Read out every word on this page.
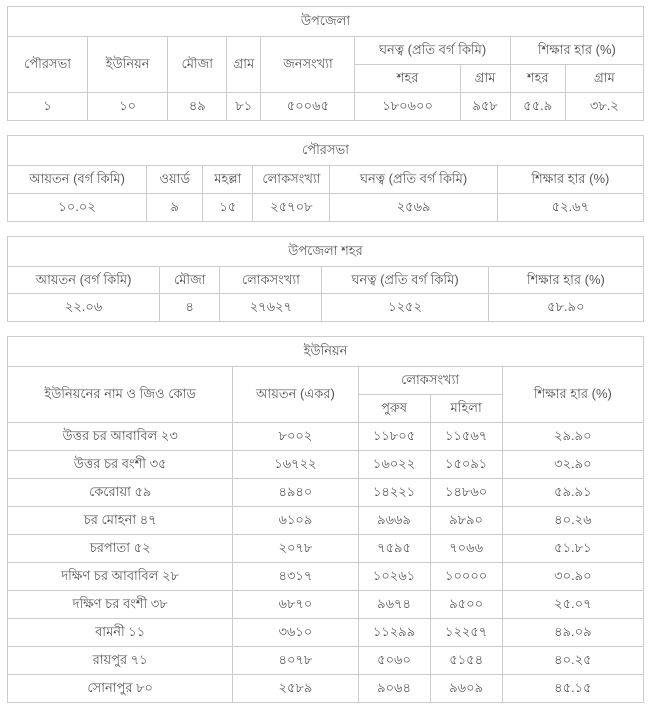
উপজেলা								
পৌরসভা	ইউনিয়ন	মৌজা	গ্রাম	জনসংখ্যা	ঘনত্ব (প্রতি বর্গ কিমি)		শিক্ষার হার (%)	
					শহর	গ্রাম	শহর	গ্রাম
১	১০	৪৯	৮১	৫০০৬৫	১৮০৬০০	৯৫৮	৫৫.৯	৩৮.২
পৌরসভা					
আয়তন (বর্গ কিমি)	ওয়ার্ড	মহল্লা	লোকসংখ্যা	ঘনত্ব (প্রতি বর্গ কিমি)	শিক্ষার হার (%)
১০.০২	৯	১৫	২৫৭০৮	২৫৬৯	৫২.৬৭
উপজেলা শহর				
আয়তন (বর্গ কিমি)	মৌজা	লোকসংখ্যা	ঘনত্ব (প্রতি বর্গ কিমি)	শিক্ষার হার (%)
২২.০৬	৪	২৭৬২৭	১২৫২	৫৮.৯০
ইউনিয়ন				
ইউনিয়নের নাম ও জিও কোড	আয়তন (একর)	লোকসংখ্যা		শিক্ষার হার (%)
		পুরুষ	মহিলা	
উত্তর চর আবাবিল ২৩	৮০০২	১১৮০৫	১১৫৬৭	২৯.৯০
উত্তর চর বংশী ৩৫	১৬৭২২	১৬০২২	১৫০৯১	৩২.৯০
কেরোয়া ৫৯	৪৯৪০	১৪২২১	১৪৮৬০	৫৯.৯১
চর মোহনা ৪৭	৬১০৯	৯৬৬৯	৯৮৯০	৪০.২৬
চরপাতা ৫২	২০৭৮	৭৫৯৫	৭০৬৬	৫১.৮১
দক্ষিণ চর আবাবিল ২৮	৪৩১৭	১০২৬১	১০০০০	৩০.৯০
দক্ষিণ চর বংশী ৩৮	৬৮৭০	৯৬৭৪	৯৫০০	২৫.০৭
বামনী ১১	৩৬১০	১১২৯৯	১২২৫৭	৪৯.০৯
রায়পুর ৭১	৪০৭৮	৫০৬০	৫১৫৪	৪০.২৫
সোনাপুর ৮০	২৫৮৯	৯০৬৪	৯৬০৯	৪৫.১৫
